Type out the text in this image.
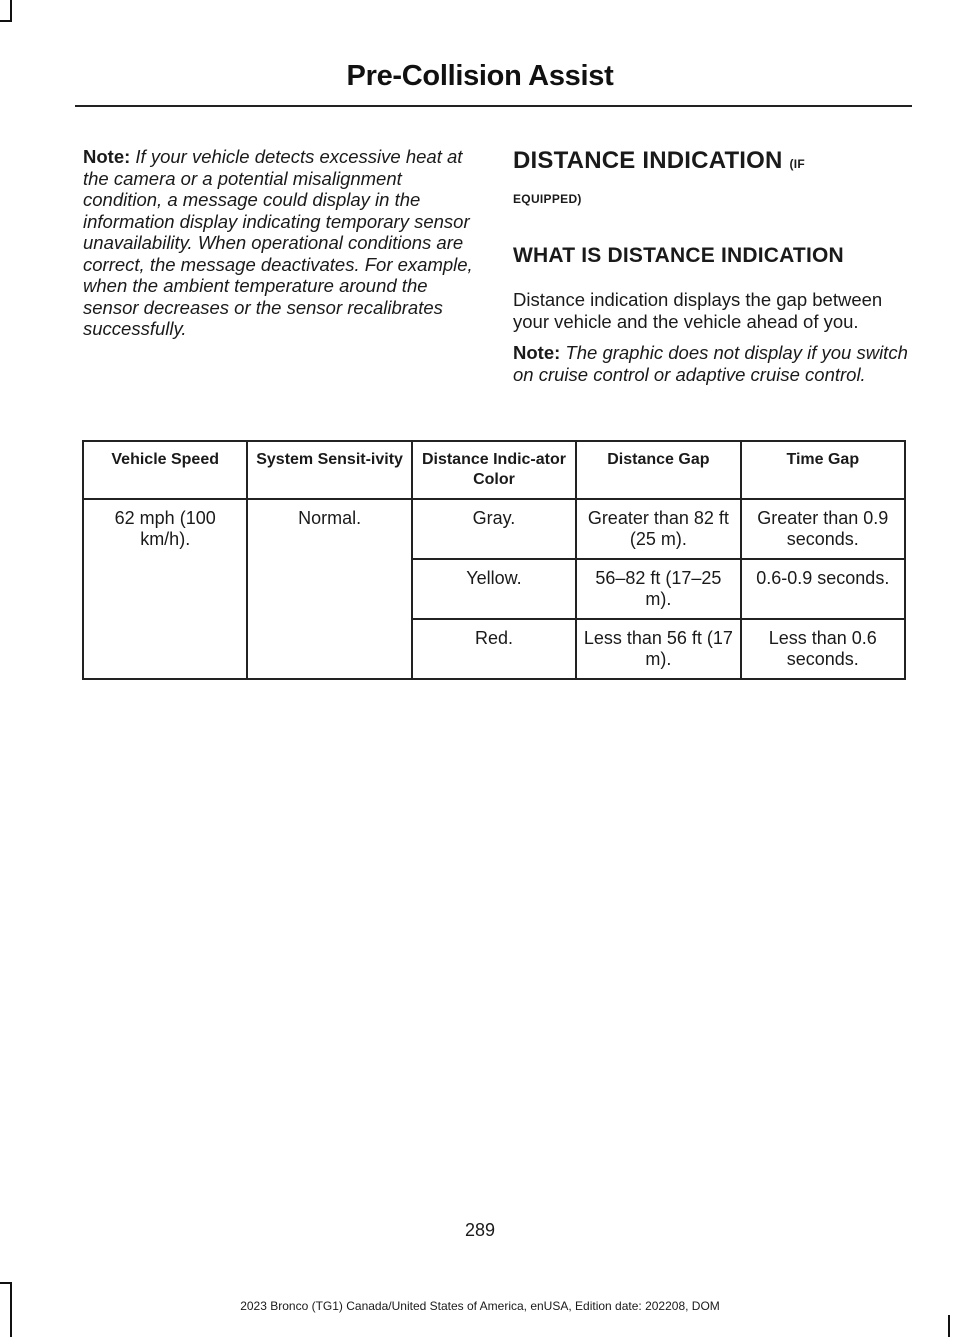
Pre-Collision Assist

Note: If your vehicle detects excessive heat at the camera or a potential misalignment condition, a message could display in the information display indicating temporary sensor unavailability. When operational conditions are correct, the message deactivates. For example, when the ambient temperature around the sensor decreases or the sensor recalibrates successfully.

DISTANCE INDICATION (IF
EQUIPPED)
WHAT IS DISTANCE INDICATION

Distance indication displays the gap between your vehicle and the vehicle ahead of you.

Note: The graphic does not display if you switch on cruise control or adaptive cruise control.

Vehicle Speed	System Sensit-ivity	Distance Indic-ator Color	Distance Gap	Time Gap
62 mph (100 km/h).	Normal.	Gray.	Greater than 82 ft (25 m).	Greater than 0.9 seconds.
		Yellow.	56–82 ft (17–25 m).	0.6-0.9 seconds.
		Red.	Less than 56 ft (17 m).	Less than 0.6 seconds.
289
2023 Bronco (TG1) Canada/United States of America, enUSA, Edition date: 202208, DOM
